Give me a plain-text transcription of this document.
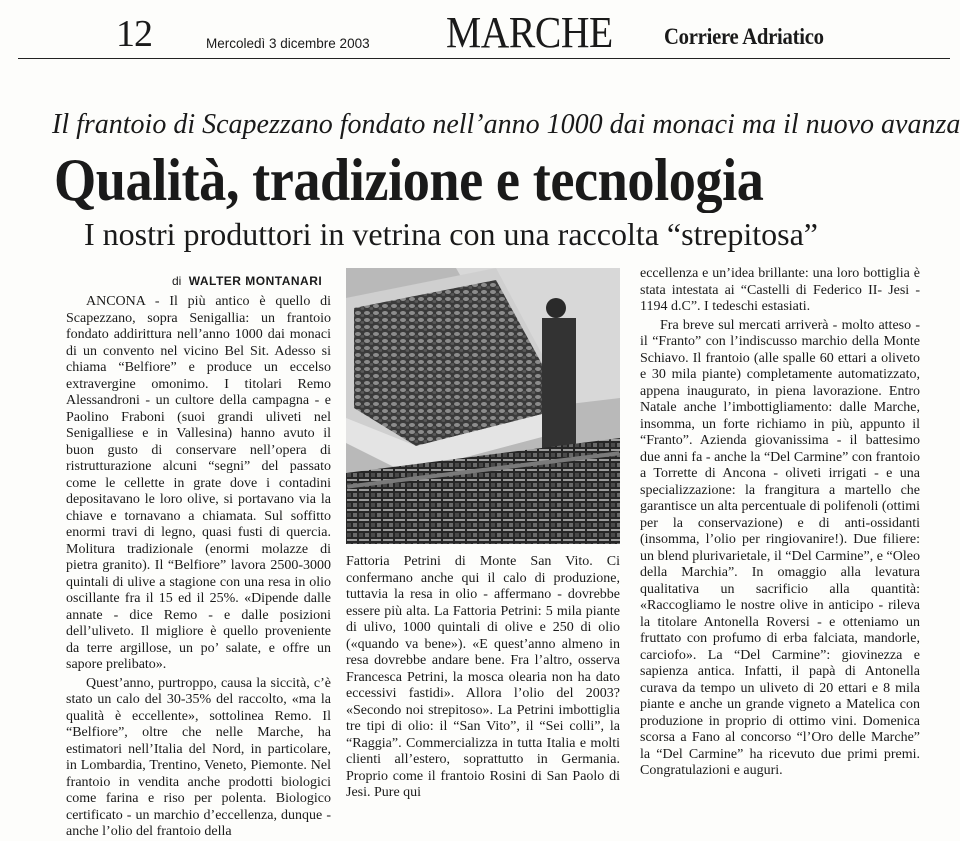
12	Mercoledì 3 dicembre 2003 MARCHE Corriere Adriatico
Il frantoio di Scapezzano fondato nell’anno 1000 dai monaci ma il nuovo avanza
Qualità, tradizione e tecnologia
I nostri produttori in vetrina con una raccolta “strepitosa”
di WALTER MONTANARI

ANCONA - Il più antico è quello di Scapezzano, sopra Senigallia: un frantoio fondato addirittura nell’anno 1000 dai monaci di un convento nel vicino Bel Sit. Adesso si chiama “Belfiore” e produce un eccelso extravergine omonimo. I titolari Remo Alessandroni - un cultore della campagna - e Paolino Fraboni (suoi grandi uliveti nel Senigalliese e in Vallesina) hanno avuto il buon gusto di conservare nell’opera di ristrutturazione alcuni “segni” del passato come le cellette in grate dove i contadini depositavano le loro olive, si portavano via la chiave e tornavano a chiamata. Sul soffitto enormi travi di legno, quasi fusti di quercia. Molitura tradizionale (enormi molazze di pietra granito). Il “Belfiore” lavora 2500-3000 quintali di ulive a stagione con una resa in olio oscillante fra il 15 ed il 25%. «Dipende dalle annate - dice Remo - e dalle posizioni dell’uliveto. Il migliore è quello proveniente da terre argillose, un po’ salate, e offre un sapore prelibato».

Quest’anno, purtroppo, causa la siccità, c’è stato un calo del 30-35% del raccolto, «ma la qualità è eccellente», sottolinea Remo. Il “Belfiore”, oltre che nelle Marche, ha estimatori nell’Italia del Nord, in particolare, in Lombardia, Trentino, Veneto, Piemonte. Nel frantoio in vendita anche prodotti biologici come farina e riso per polenta. Biologico certificato - un marchio d’eccellenza, dunque - anche l’olio del frantoio della

Fattoria Petrini di Monte San Vito. Ci confermano anche qui il calo di produzione, tuttavia la resa in olio - affermano - dovrebbe essere più alta. La Fattoria Petrini: 5 mila piante di ulivo, 1000 quintali di olive e 250 di olio («quando va bene»). «E quest’anno almeno in resa dovrebbe andare bene. Fra l’altro, osserva Francesca Petrini, la mosca olearia non ha dato eccessivi fastidi». Allora l’olio del 2003? «Secondo noi strepitoso». La Petrini imbottiglia tre tipi di olio: il “San Vito”, il “Sei colli”, la “Raggia”. Commercializza in tutta Italia e molti clienti all’estero, soprattutto in Germania. Proprio come il frantoio Rosini di San Paolo di Jesi. Pure qui

eccellenza e un’idea brillante: una loro bottiglia è stata intestata ai “Castelli di Federico II- Jesi - 1194 d.C”. I tedeschi estasiati.

Fra breve sul mercati arriverà - molto atteso - il “Franto” con l’indiscusso marchio della Monte Schiavo. Il frantoio (alle spalle 60 ettari a oliveto e 30 mila piante) completamente automatizzato, appena inaugurato, in piena lavorazione. Entro Natale anche l’imbottigliamento: dalle Marche, insomma, un forte richiamo in più, appunto il “Franto”. Azienda giovanissima - il battesimo due anni fa - anche la “Del Carmine” con frantoio a Torrette di Ancona - oliveti irrigati - e una specializzazione: la frangitura a martello che garantisce un alta percentuale di polifenoli (ottimi per la conservazione) e di anti-ossidanti (insomma, l’olio per ringiovanire!). Due filiere: un blend plurivarietale, il “Del Carmine”, e “Oleo della Marchia”. In omaggio alla levatura qualitativa un sacrificio alla quantità: «Raccogliamo le nostre olive in anticipo - rileva la titolare Antonella Roversi - e otteniamo un fruttato con profumo di erba falciata, mandorle, carciofo». La “Del Carmine”: giovinezza e sapienza antica. Infatti, il papà di Antonella curava da tempo un uliveto di 20 ettari e 8 mila piante e anche un grande vigneto a Matelica con produzione in proprio di ottimo vini. Domenica scorsa a Fano al concorso “l’Oro delle Marche” la “Del Carmine” ha ricevuto due primi premi. Congratulazioni e auguri.
